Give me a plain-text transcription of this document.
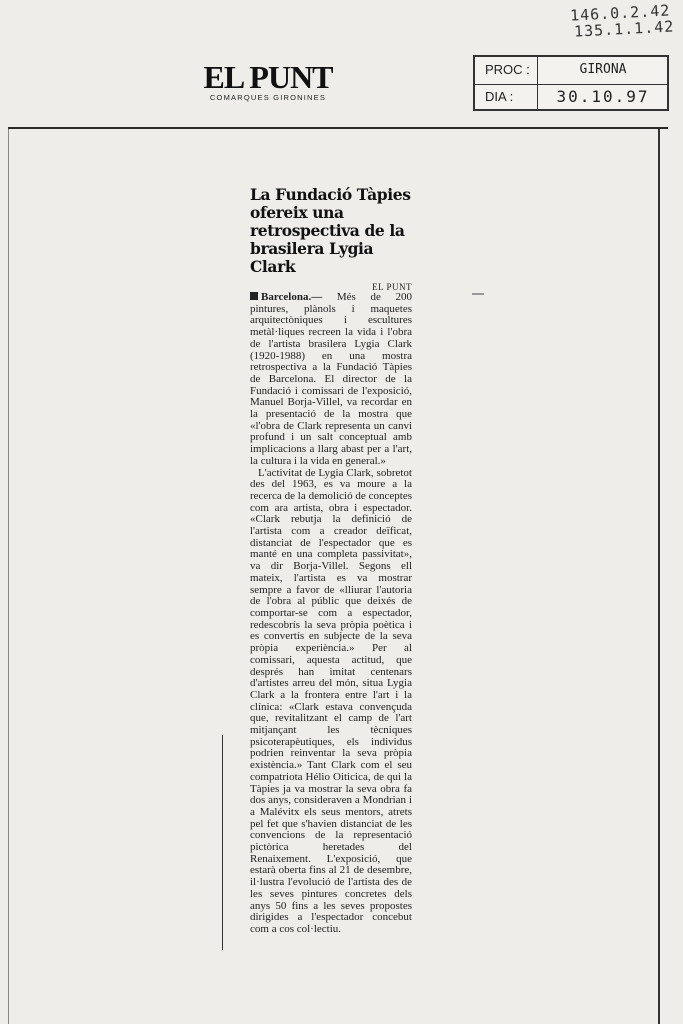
146.0.2.42
135.1.1.42
EL PUNT
COMARQUES GIRONINES
PROC :	GIRONA
DIA :	30.10.97
La Fundació Tàpies ofereix una retrospectiva de la brasilera Lygia Clark
EL PUNT

Barcelona.— Més de 200 pintures, plànols i maquetes arquitectòniques i escultures metàl·liques recreen la vida i l'obra de l'artista brasilera Lygia Clark (1920-1988) en una mostra retrospectiva a la Fundació Tàpies de Barcelona. El director de la Fundació i comissari de l'exposició, Manuel Borja-Villel, va recordar en la presentació de la mostra que «l'obra de Clark representa un canvi profund i un salt conceptual amb implicacions a llarg abast per a l'art, la cultura i la vida en general.»

L'activitat de Lygia Clark, sobretot des del 1963, es va moure a la recerca de la demolició de conceptes com ara artista, obra i espectador. «Clark rebutja la definició de l'artista com a creador deïficat, distanciat de l'espectador que es manté en una completa passivitat», va dir Borja-Villel. Segons ell mateix, l'artista es va mostrar sempre a favor de «lliurar l'autoria de l'obra al públic que deixés de comportar-se com a espectador, redescobrís la seva pròpia poètica i es convertís en subjecte de la seva pròpia experiència.» Per al comissari, aquesta actitud, que després han imitat centenars d'artistes arreu del món, situa Lygia Clark a la frontera entre l'art i la clínica: «Clark estava convençuda que, revitalitzant el camp de l'art mitjançant les tècniques psicoterapèutiques, els individus podrien reinventar la seva pròpia existència.» Tant Clark com el seu compatriota Hélio Oiticica, de qui la Tàpies ja va mostrar la seva obra fa dos anys, consideraven a Mondrian i a Malévitx els seus mentors, atrets pel fet que s'havien distanciat de les convencions de la representació pictòrica heretades del Renaixement. L'exposició, que estarà oberta fins al 21 de desembre, il·lustra l'evolució de l'artista des de les seves pintures concretes dels anys 50 fins a les seves propostes dirigides a l'espectador concebut com a cos col·lectiu.
